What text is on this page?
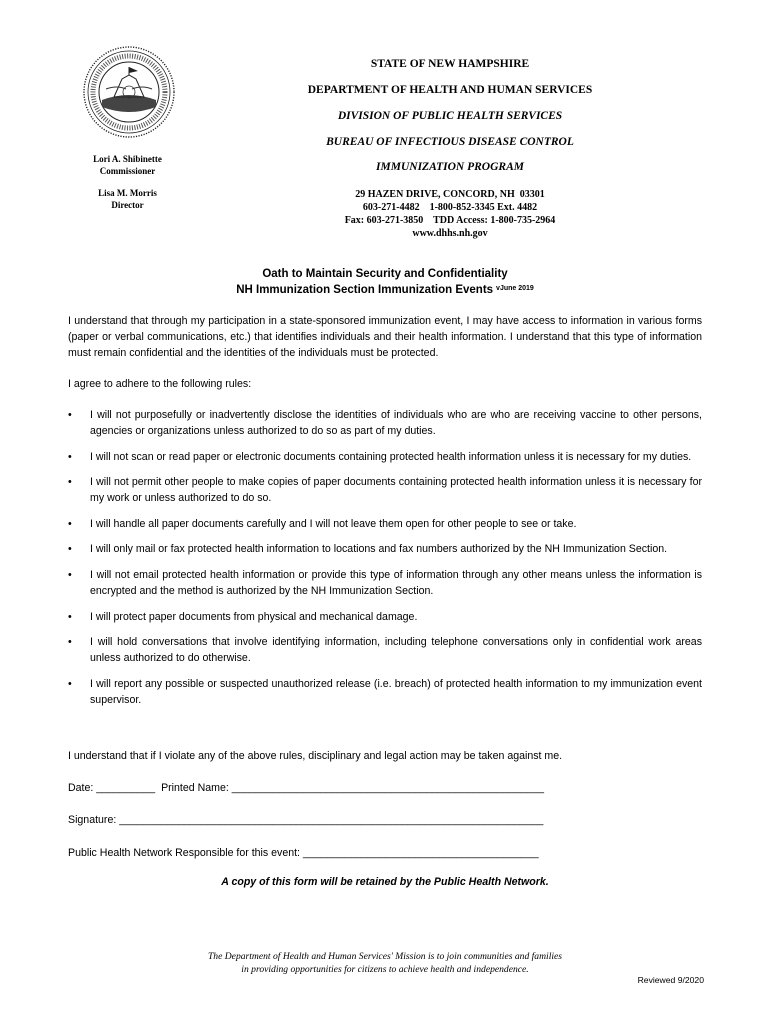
Lori A. Shibinette
Commissioner
Lisa M. Morris
Director
STATE OF NEW HAMPSHIRE
DEPARTMENT OF HEALTH AND HUMAN SERVICES
DIVISION OF PUBLIC HEALTH SERVICES
BUREAU OF INFECTIOUS DISEASE CONTROL
IMMUNIZATION PROGRAM
29 HAZEN DRIVE, CONCORD, NH  03301
603-271-4482    1-800-852-3345 Ext. 4482
Fax: 603-271-3850    TDD Access: 1-800-735-2964
www.dhhs.nh.gov
Oath to Maintain Security and Confidentiality
NH Immunization Section Immunization Events $^{vJune 2019}$
I understand that through my participation in a state-sponsored immunization event, I may have access to information in various forms (paper or verbal communications, etc.) that identifies individuals and their health information. I understand that this type of information must remain confidential and the identities of the individuals must be protected.
I agree to adhere to the following rules:
• I will not purposefully or inadvertently disclose the identities of individuals who are who are receiving vaccine to other persons, agencies or organizations unless authorized to do so as part of my duties.
• I will not scan or read paper or electronic documents containing protected health information unless it is necessary for my duties.
• I will not permit other people to make copies of paper documents containing protected health information unless it is necessary for my work or unless authorized to do so.
• I will handle all paper documents carefully and I will not leave them open for other people to see or take.
• I will only mail or fax protected health information to locations and fax numbers authorized by the NH Immunization Section.
• I will not email protected health information or provide this type of information through any other means unless the information is encrypted and the method is authorized by the NH Immunization Section.
• I will protect paper documents from physical and mechanical damage.
• I will hold conversations that involve identifying information, including telephone conversations only in confidential work areas unless authorized to do otherwise.
• I will report any possible or suspected unauthorized release (i.e. breach) of protected health information to my immunization event supervisor.
I understand that if I violate any of the above rules, disciplinary and legal action may be taken against me.
Date: __________  Printed Name: _____________________________________________________
Signature: ________________________________________________________________________
Public Health Network Responsible for this event: ________________________________________
A copy of this form will be retained by the Public Health Network.
The Department of Health and Human Services' Mission is to join communities and families
in providing opportunities for citizens to achieve health and independence.
Reviewed 9/2020
